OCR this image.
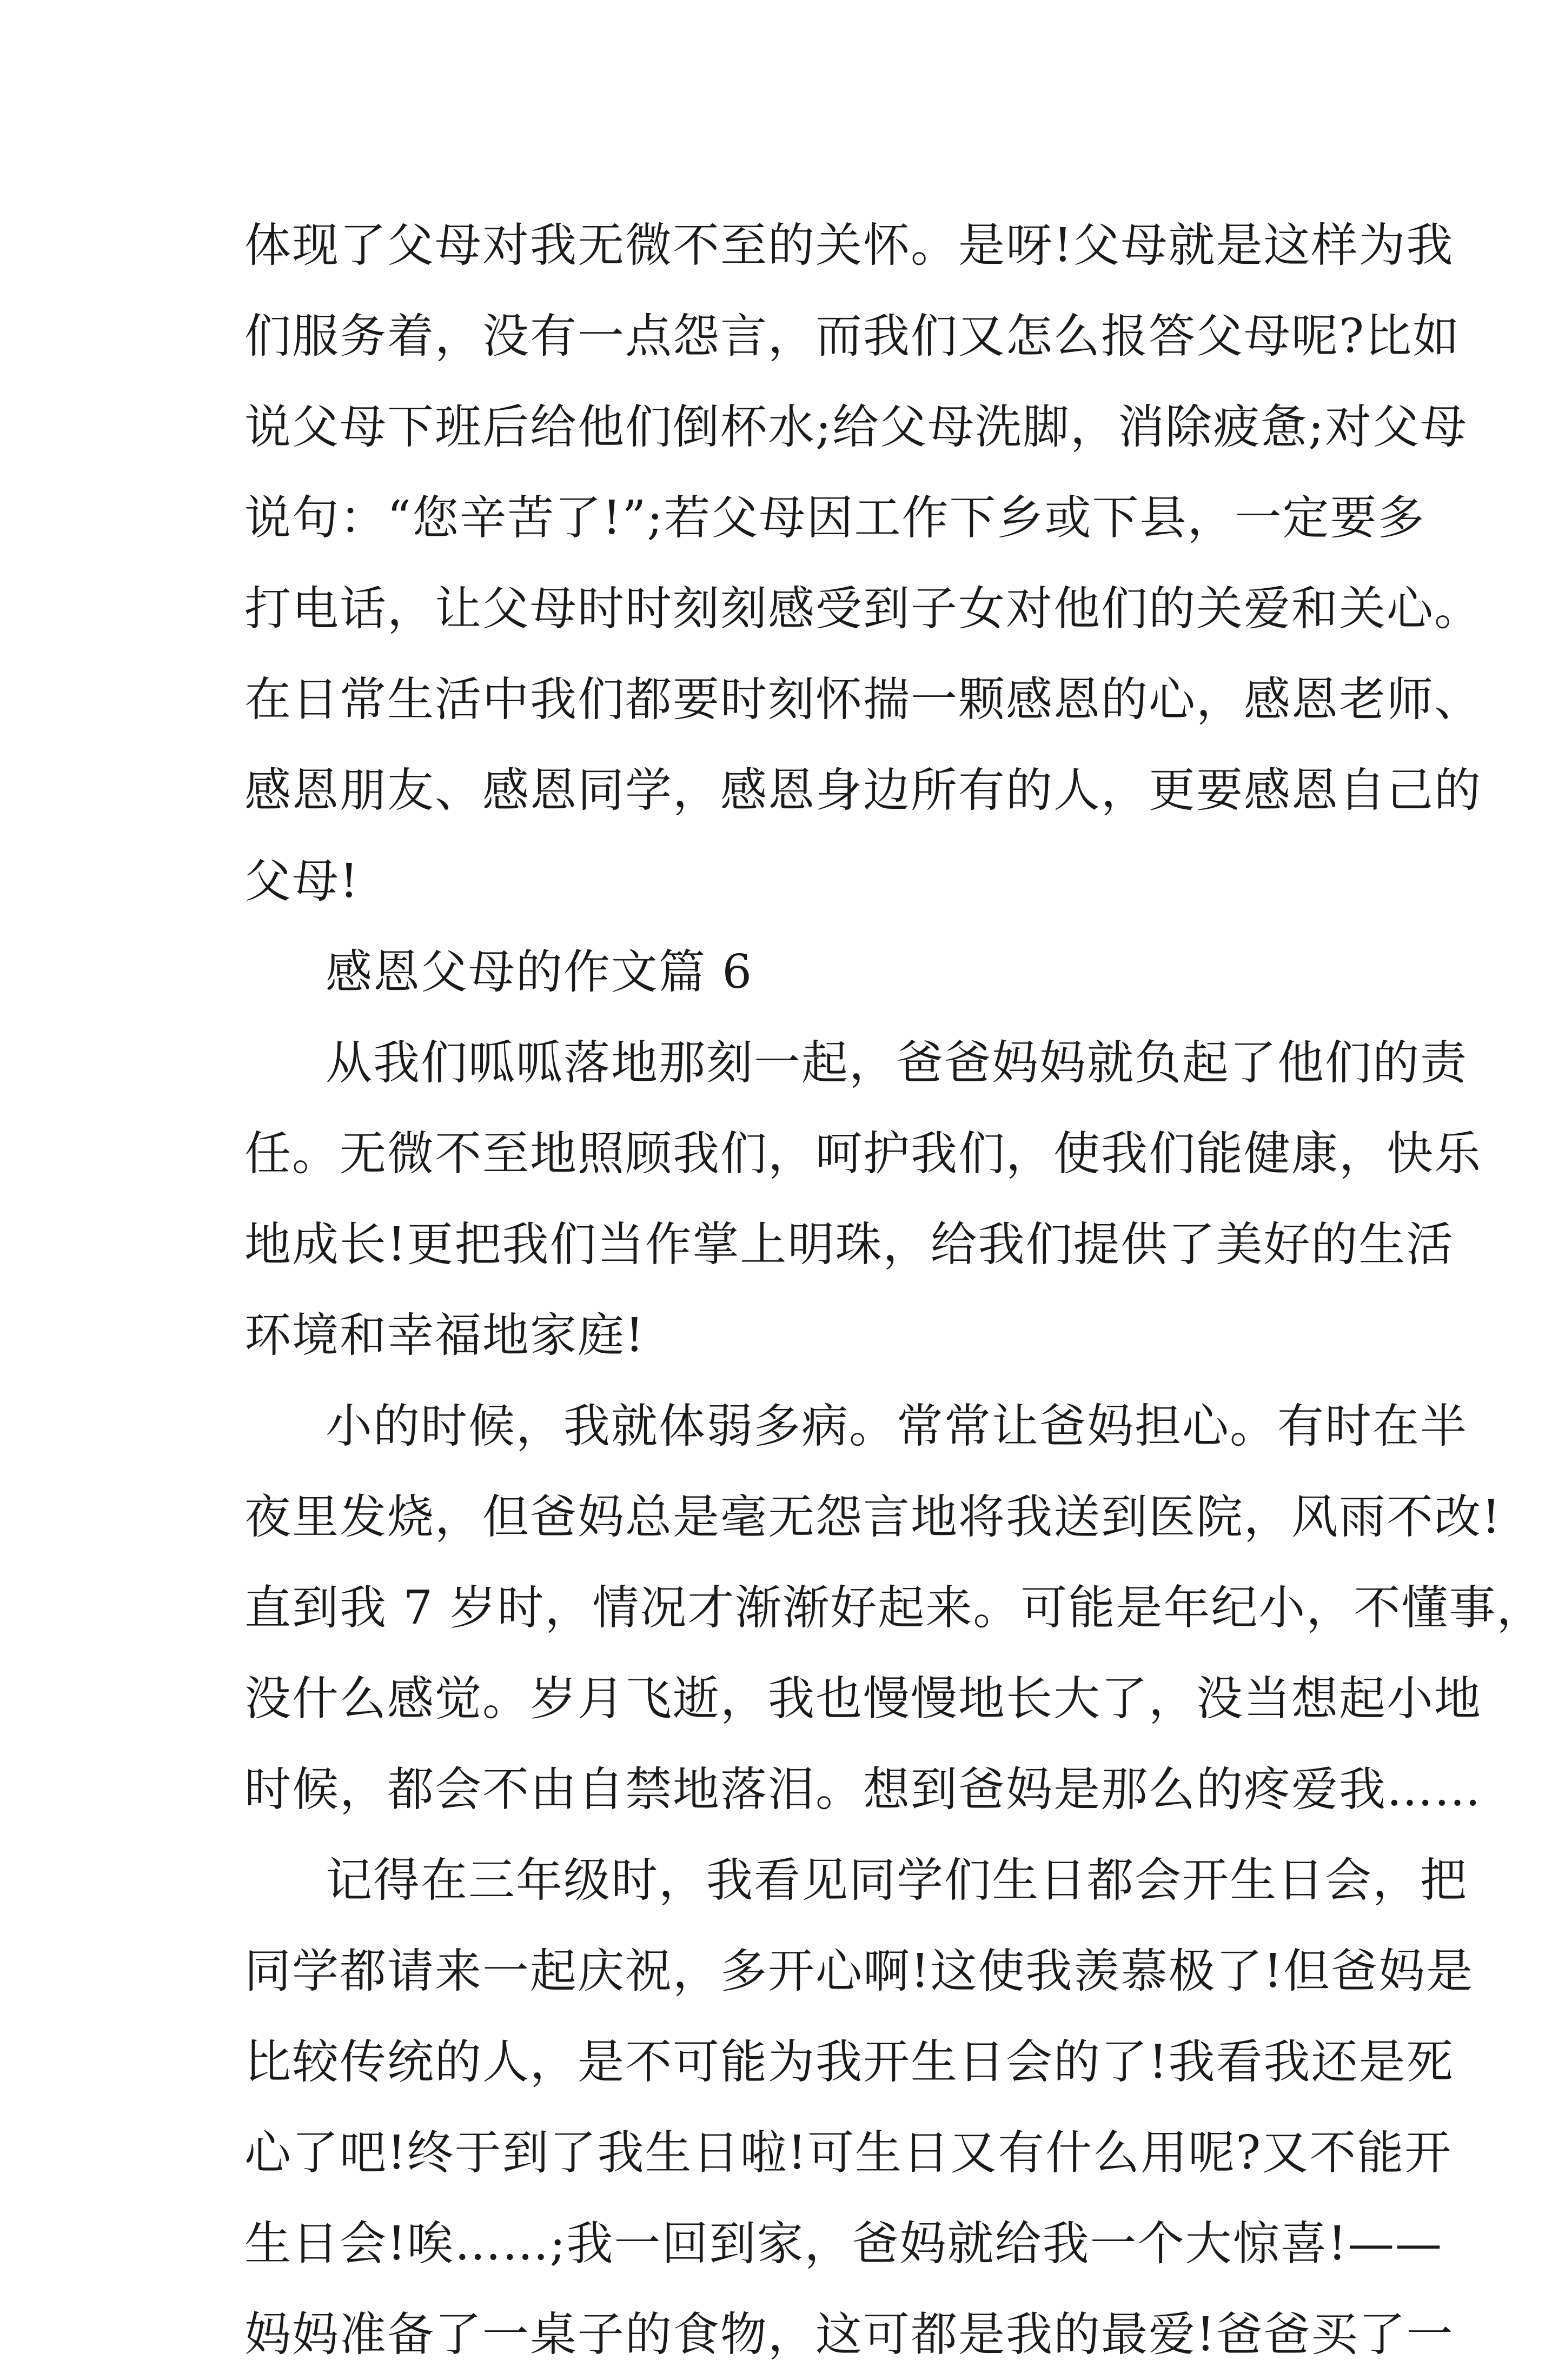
体现了父母对我无微不至的关怀。是呀!父母就是这样为我
们服务着，没有一点怨言，而我们又怎么报答父母呢?比如
说父母下班后给他们倒杯水;给父母洗脚，消除疲惫;对父母
说句：“您辛苦了!”;若父母因工作下乡或下县，一定要多
打电话，让父母时时刻刻感受到子女对他们的关爱和关心。
在日常生活中我们都要时刻怀揣一颗感恩的心，感恩老师、
感恩朋友、感恩同学，感恩身边所有的人，更要感恩自己的
父母!
感恩父母的作文篇 6
从我们呱呱落地那刻一起，爸爸妈妈就负起了他们的责
任。无微不至地照顾我们，呵护我们，使我们能健康，快乐
地成长!更把我们当作掌上明珠，给我们提供了美好的生活
环境和幸福地家庭!
小的时候，我就体弱多病。常常让爸妈担心。有时在半
夜里发烧，但爸妈总是毫无怨言地将我送到医院，风雨不改!
直到我 7 岁时，情况才渐渐好起来。可能是年纪小，不懂事，
没什么感觉。岁月飞逝，我也慢慢地长大了，没当想起小地
时候，都会不由自禁地落泪。想到爸妈是那么的疼爱我……
记得在三年级时，我看见同学们生日都会开生日会，把
同学都请来一起庆祝，多开心啊!这使我羡慕极了!但爸妈是
比较传统的人，是不可能为我开生日会的了!我看我还是死
心了吧!终于到了我生日啦!可生日又有什么用呢?又不能开
生日会!唉……;我一回到家，爸妈就给我一个大惊喜!——
妈妈准备了一桌子的食物，这可都是我的最爱!爸爸买了一
